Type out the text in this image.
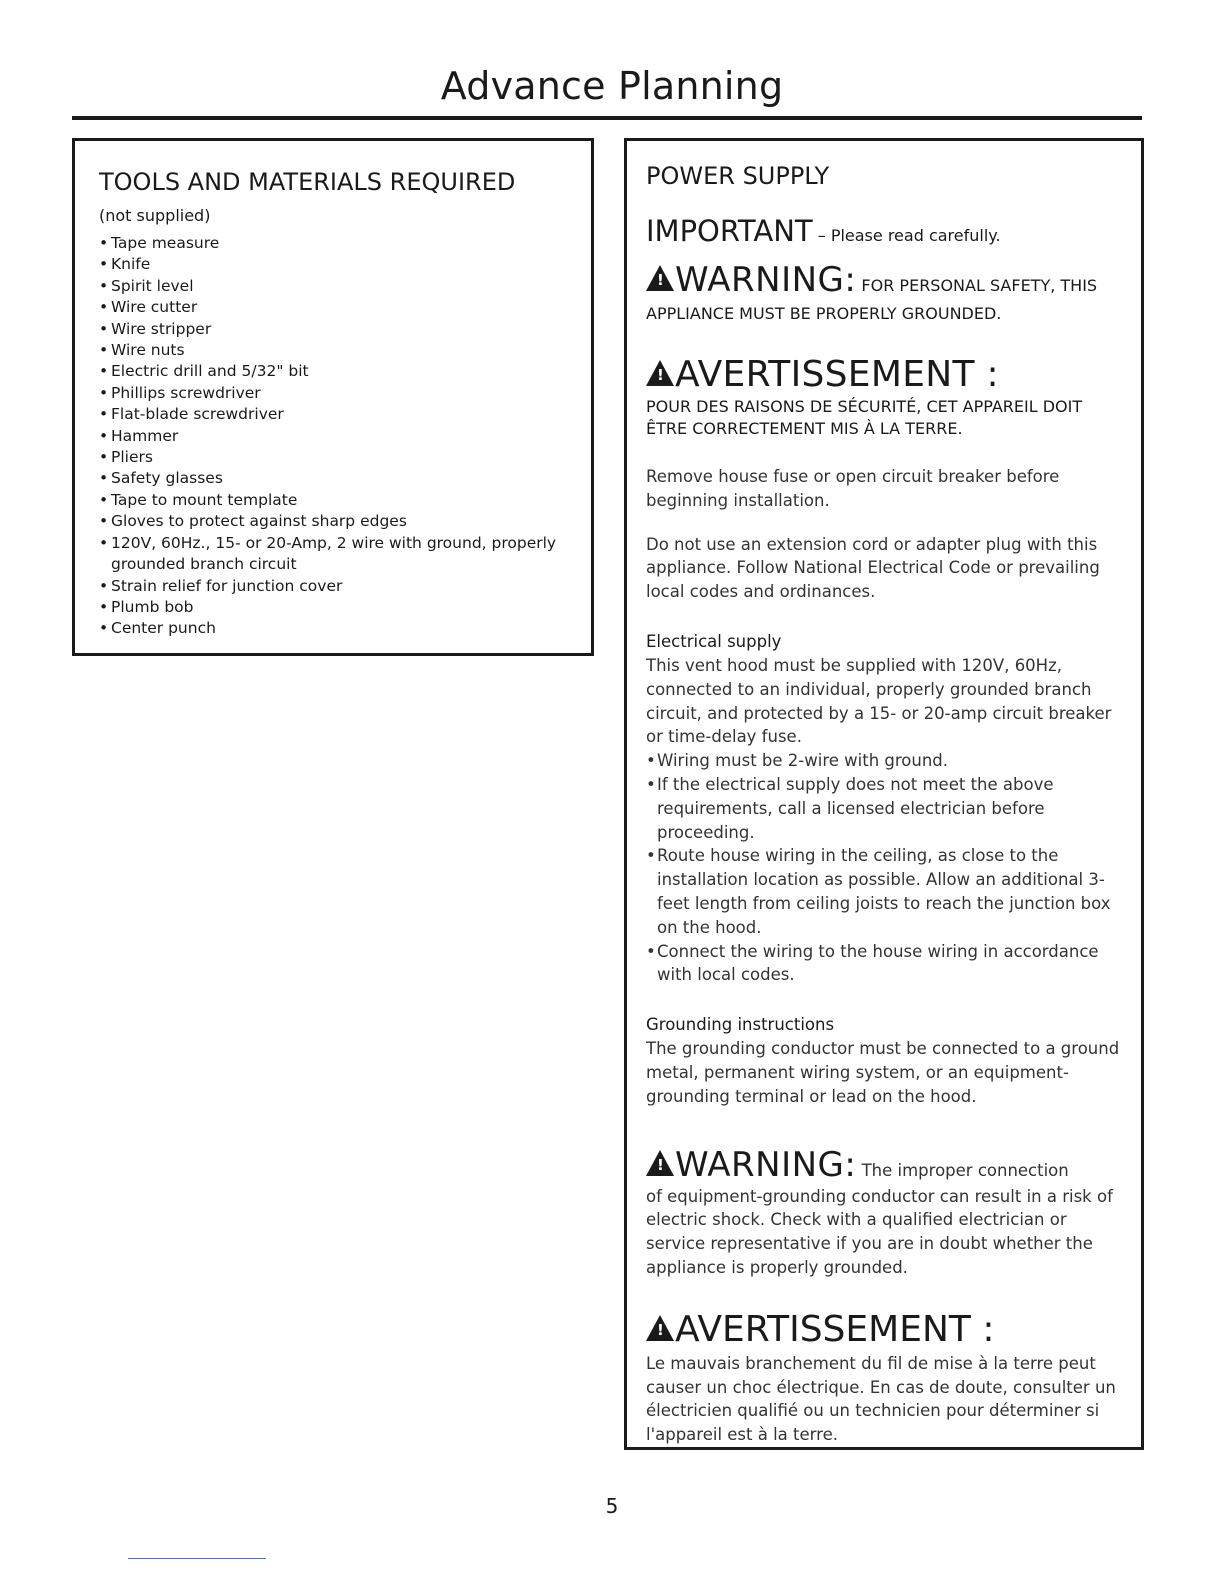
Advance Planning
TOOLS AND MATERIALS REQUIRED
(not supplied)
• Tape measure
• Knife
• Spirit level
• Wire cutter
• Wire stripper
• Wire nuts
• Electric drill and 5/32" bit
• Phillips screwdriver
• Flat-blade screwdriver
• Hammer
• Pliers
• Safety glasses
• Tape to mount template
• Gloves to protect against sharp edges
• 120V, 60Hz., 15- or 20-Amp, 2 wire with ground, properly grounded branch circuit
• Strain relief for junction cover
• Plumb bob
• Center punch
POWER SUPPLY
IMPORTANT – Please read carefully.
!WARNING: FOR PERSONAL SAFETY, THIS
APPLIANCE MUST BE PROPERLY GROUNDED.
!AVERTISSEMENT :
POUR DES RAISONS DE SÉCURITÉ, CET APPAREIL DOIT
ÊTRE CORRECTEMENT MIS À LA TERRE.
Remove house fuse or open circuit breaker before beginning installation.
Do not use an extension cord or adapter plug with this appliance. Follow National Electrical Code or prevailing local codes and ordinances.
Electrical supply
This vent hood must be supplied with 120V, 60Hz, connected to an individual, properly grounded branch circuit, and protected by a 15- or 20-amp circuit breaker or time-delay fuse.
• Wiring must be 2-wire with ground.
• If the electrical supply does not meet the above requirements, call a licensed electrician before proceeding.
• Route house wiring in the ceiling, as close to the installation location as possible. Allow an additional 3-feet length from ceiling joists to reach the junction box on the hood.
• Connect the wiring to the house wiring in accordance with local codes.
Grounding instructions
The grounding conductor must be connected to a ground metal, permanent wiring system, or an equipment-grounding terminal or lead on the hood.
!WARNING: The improper connection
of equipment-grounding conductor can result in a risk of electric shock. Check with a qualified electrician or service representative if you are in doubt whether the appliance is properly grounded.
!AVERTISSEMENT :
Le mauvais branchement du fil de mise à la terre peut causer un choc électrique. En cas de doute, consulter un électricien qualifié ou un technicien pour déterminer si l'appareil est à la terre.
5
